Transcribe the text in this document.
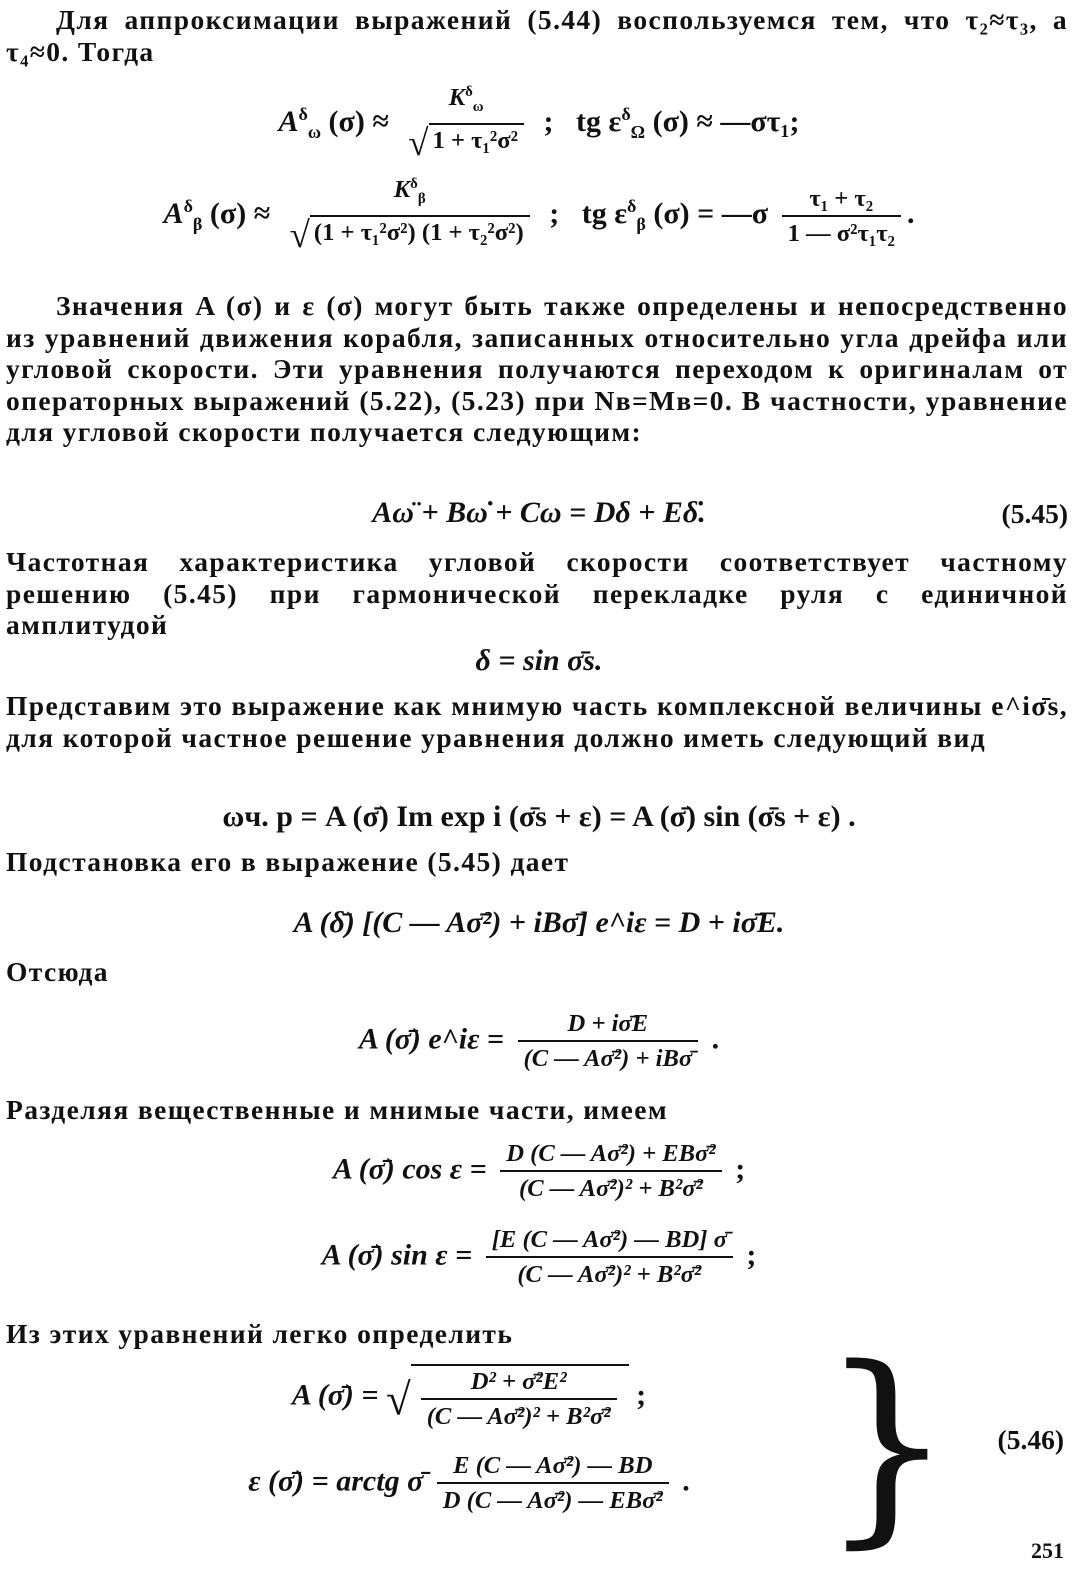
Для аппроксимации выражений (5.44) воспользуемся тем, что τ₂≈τ₃, а τ₄≈0. Тогда
$A^\delta_\omega$ (σ) ≈
$K^\delta_\omega$
√ 1 + τ₁²σ²
; tg $\varepsilon^\delta_\Omega$ (σ) ≈ —στ₁;
$A^\delta_\beta$ (σ) ≈
$K^\delta_\beta$
√ (1 + τ₁²σ²) (1 + τ₂²σ²)
; tg $\varepsilon^\delta_\beta$ (σ) = —σ $\frac{\text{τ₁ + τ₂}}{\text{1 — σ²τ₁τ₂}}$ .
Значения A (σ) и ε (σ) могут быть также определены и непосредственно из уравнений движения корабля, записанных относительно угла дрейфа или угловой скорости. Эти уравнения получаются переходом к оригиналам от операторных выражений (5.22), (5.23) при Nв=Mв=0. В частности, уравнение для угловой скорости получается следующим:
Aω̈ + Bω̇ + Cω = Dδ + Eδ̇.	(5.45)
Частотная характеристика угловой скорости соответствует частному решению (5.45) при гармонической перекладке руля с единичной амплитудой
δ = sin σ̄s.
Представим это выражение как мнимую часть комплексной величины e^iσ̄s, для которой частное решение уравнения должно иметь следующий вид
ωч. р = A (σ̄) Im exp i (σ̄s + ε) = A (σ̄) sin (σ̄s + ε) .
Подстановка его в выражение (5.45) дает
A (δ̄) [(C — Aσ̄²) + iBσ̄] e^iε = D + iσ̄E.
Отсюда
A (σ̄) e^iε = $\frac{D + i\sigmāE}{\text{(C — Aσ̄²) + iBσ̄}}$ .
Разделяя вещественные и мнимые части, имеем
A (σ̄) $\cos \varepsilon = \frac{\text{D (C — Aσ̄²) + EBσ̄²}}{\text{(C — Aσ̄²)² + B²σ̄²}}$ ;
A (σ̄) $\sin \varepsilon = \frac{\text{[E (C — Aσ̄²) — BD] σ̄}}{\text{(C — Aσ̄²)² + B²σ̄²}}$ ;
Из этих уравнений легко определить
A (σ̄) = √ $\frac{\text{D² + σ̄²E²}}{\text{(C — Aσ̄²)² + B²σ̄²}}$ ;
ε (σ̄) = arctg σ̄ $\frac{\text{E (C — Aσ̄²) — BD}}{\text{D (C — Aσ̄²) — EBσ̄²}}$ . } (5.46)
251
